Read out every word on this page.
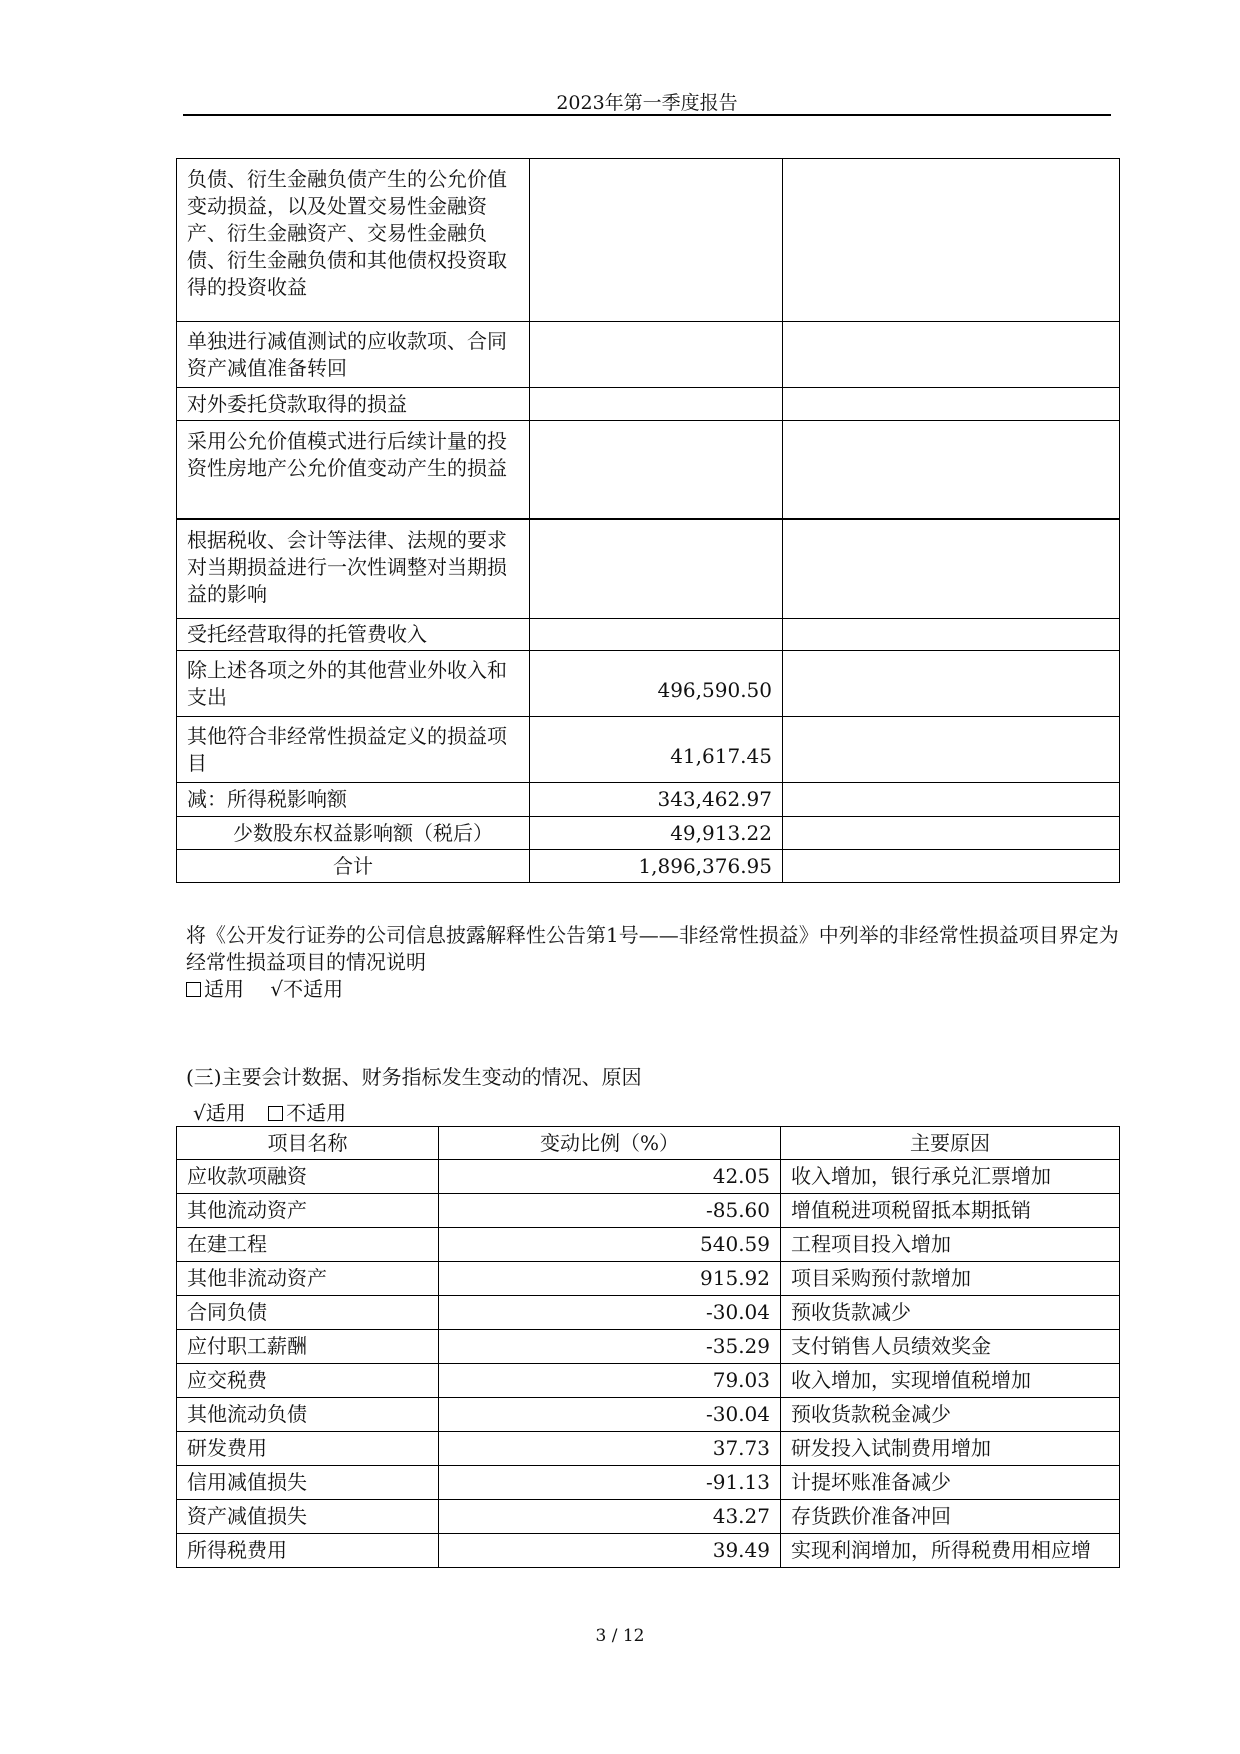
2023年第一季度报告
负债、衍生金融负债产生的公允价值变动损益，以及处置交易性金融资产、衍生金融资产、交易性金融负债、衍生金融负债和其他债权投资取得的投资收益		
单独进行减值测试的应收款项、合同资产减值准备转回		
对外委托贷款取得的损益		
采用公允价值模式进行后续计量的投资性房地产公允价值变动产生的损益		
根据税收、会计等法律、法规的要求对当期损益进行一次性调整对当期损益的影响		
受托经营取得的托管费收入		
除上述各项之外的其他营业外收入和支出	496,590.50	
其他符合非经常性损益定义的损益项目	41,617.45	
减：所得税影响额	343,462.97	
少数股东权益影响额（税后）	49,913.22	
合计	1,896,376.95	
将《公开发行证券的公司信息披露解释性公告第1号——非经常性损益》中列举的非经常性损益项目界定为经常性损益项目的情况说明
适用 √不适用
(三)主要会计数据、财务指标发生变动的情况、原因
√适用 不适用
项目名称	变动比例（%）	主要原因
应收款项融资	42.05	收入增加，银行承兑汇票增加
其他流动资产	-85.60	增值税进项税留抵本期抵销
在建工程	540.59	工程项目投入增加
其他非流动资产	915.92	项目采购预付款增加
合同负债	-30.04	预收货款减少
应付职工薪酬	-35.29	支付销售人员绩效奖金
应交税费	79.03	收入增加，实现增值税增加
其他流动负债	-30.04	预收货款税金减少
研发费用	37.73	研发投入试制费用增加
信用减值损失	-91.13	计提坏账准备减少
资产减值损失	43.27	存货跌价准备冲回
所得税费用	39.49	实现利润增加，所得税费用相应增
3 / 12
